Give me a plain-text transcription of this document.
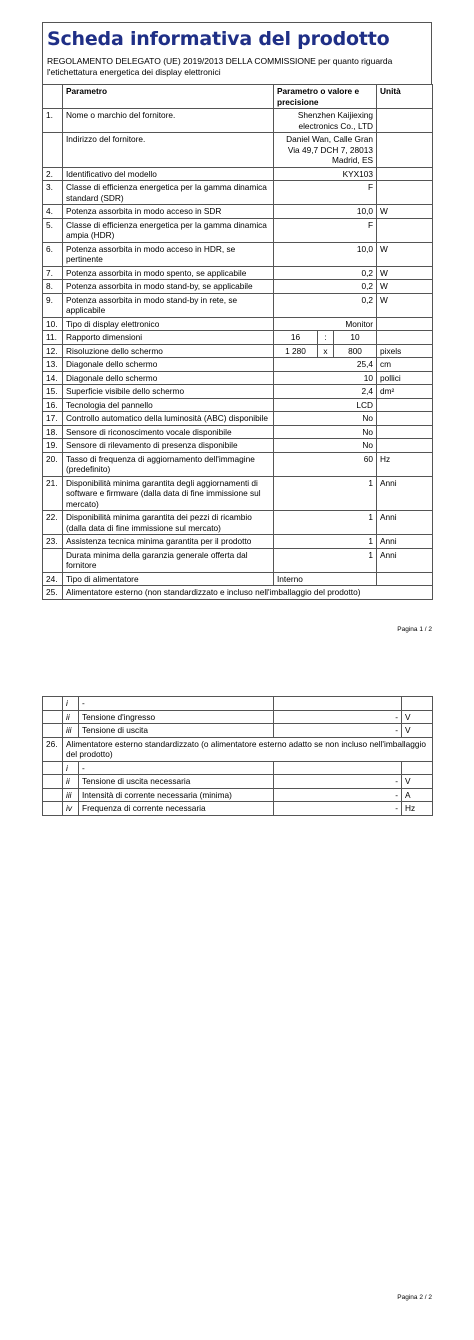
Scheda informativa del prodotto
REGOLAMENTO DELEGATO (UE) 2019/2013 DELLA COMMISSIONE per quanto riguarda l'etichettatura energetica dei display elettronici
	Parametro	Parametro o valore e precisione			Unità
1.	Nome o marchio del fornitore.	Shenzhen Kaijiexing electronics Co., LTD			
	Indirizzo del fornitore.	Daniel Wan, Calle Gran Via 49,7 DCH 7, 28013 Madrid, ES			
2.	Identificativo del modello	KYX103			
3.	Classe di efficienza energetica per la gamma dinamica standard (SDR)	F			
4.	Potenza assorbita in modo acceso in SDR	10,0			W
5.	Classe di efficienza energetica per la gamma dinamica ampia (HDR)	F			
6.	Potenza assorbita in modo acceso in HDR, se pertinente	10,0			W
7.	Potenza assorbita in modo spento, se applicabile	0,2			W
8.	Potenza assorbita in modo stand-by, se applicabile	0,2			W
9.	Potenza assorbita in modo stand-by in rete, se applicabile	0,2			W
10.	Tipo di display elettronico	Monitor			
11.	Rapporto dimensioni	16	:	10	
12.	Risoluzione dello schermo	1 280	x	800	pixels
13.	Diagonale dello schermo	25,4			cm
14.	Diagonale dello schermo	10			pollici
15.	Superficie visibile dello schermo	2,4			dm²
16.	Tecnologia del pannello	LCD			
17.	Controllo automatico della luminosità (ABC) disponibile	No			
18.	Sensore di riconoscimento vocale disponibile	No			
19.	Sensore di rilevamento di presenza disponibile	No			
20.	Tasso di frequenza di aggiornamento dell'immagine (predefinito)	60			Hz
21.	Disponibilità minima garantita degli aggiornamenti di software e firmware (dalla data di fine immissione sul mercato)	1			Anni
22.	Disponibilità minima garantita dei pezzi di ricambio (dalla data di fine immissione sul mercato)	1			Anni
23.	Assistenza tecnica minima garantita per il prodotto	1			Anni
	Durata minima della garanzia generale offerta dal fornitore	1			Anni
24.	Tipo di alimentatore	Interno			
25.	Alimentatore esterno (non standardizzato e incluso nell'imballaggio del prodotto)				
Pagina 1 / 2
	i	-		
	ii	Tensione d'ingresso	-	V
	iii	Tensione di uscita	-	V
26.	Alimentatore esterno standardizzato (o alimentatore esterno adatto se non incluso nell'imballaggio del prodotto)			
	i	-		
	ii	Tensione di uscita necessaria	-	V
	iii	Intensità di corrente necessaria (minima)	-	A
	iv	Frequenza di corrente necessaria	-	Hz
Pagina 2 / 2
